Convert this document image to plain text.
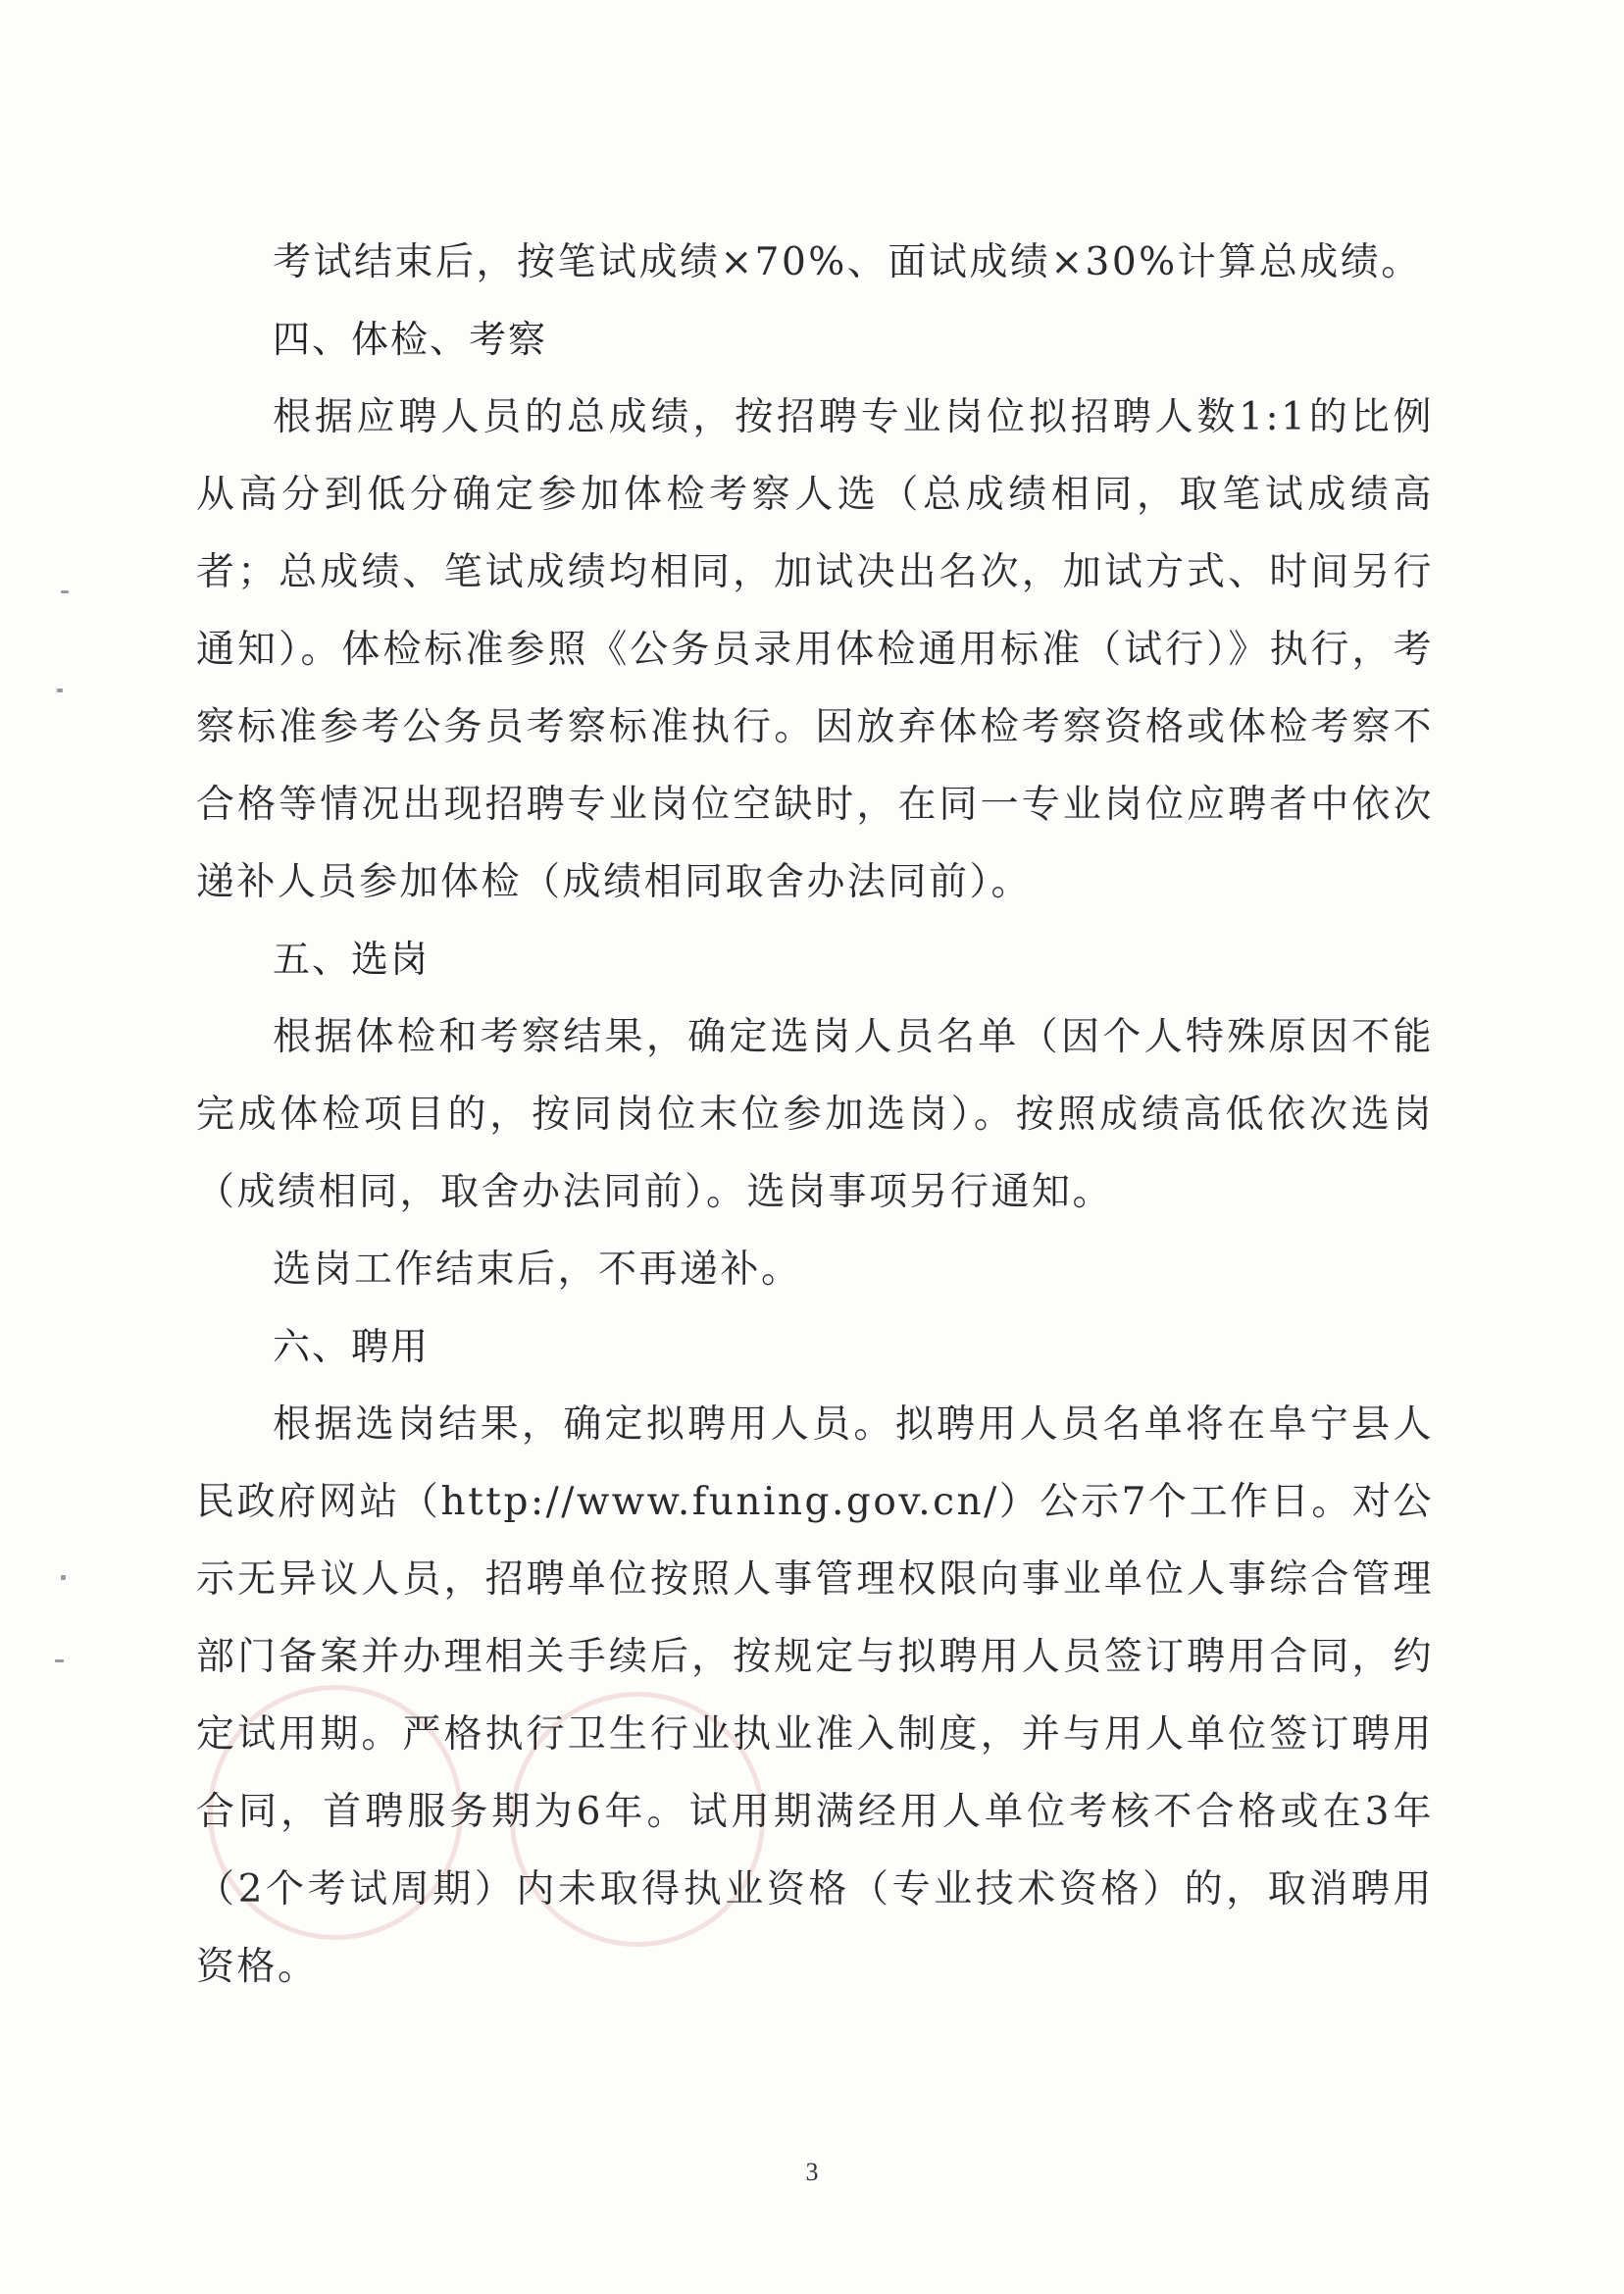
考试结束后，按笔试成绩×70%、面试成绩×30%计算总成绩。

四、体检、考察

根据应聘人员的总成绩，按招聘专业岗位拟招聘人数1:1的比例从高分到低分确定参加体检考察人选（总成绩相同，取笔试成绩高者；总成绩、笔试成绩均相同，加试决出名次，加试方式、时间另行通知）。体检标准参照《公务员录用体检通用标准（试行）》执行，考察标准参考公务员考察标准执行。因放弃体检考察资格或体检考察不合格等情况出现招聘专业岗位空缺时，在同一专业岗位应聘者中依次递补人员参加体检（成绩相同取舍办法同前）。

五、选岗

根据体检和考察结果，确定选岗人员名单（因个人特殊原因不能完成体检项目的，按同岗位末位参加选岗）。按照成绩高低依次选岗（成绩相同，取舍办法同前）。选岗事项另行通知。

选岗工作结束后，不再递补。

六、聘用

根据选岗结果，确定拟聘用人员。拟聘用人员名单将在阜宁县人民政府网站（http://www.funing.gov.cn/）公示7个工作日。对公示无异议人员，招聘单位按照人事管理权限向事业单位人事综合管理部门备案并办理相关手续后，按规定与拟聘用人员签订聘用合同，约定试用期。严格执行卫生行业执业准入制度，并与用人单位签订聘用合同，首聘服务期为6年。试用期满经用人单位考核不合格或在3年（2个考试周期）内未取得执业资格（专业技术资格）的，取消聘用资格。

3
